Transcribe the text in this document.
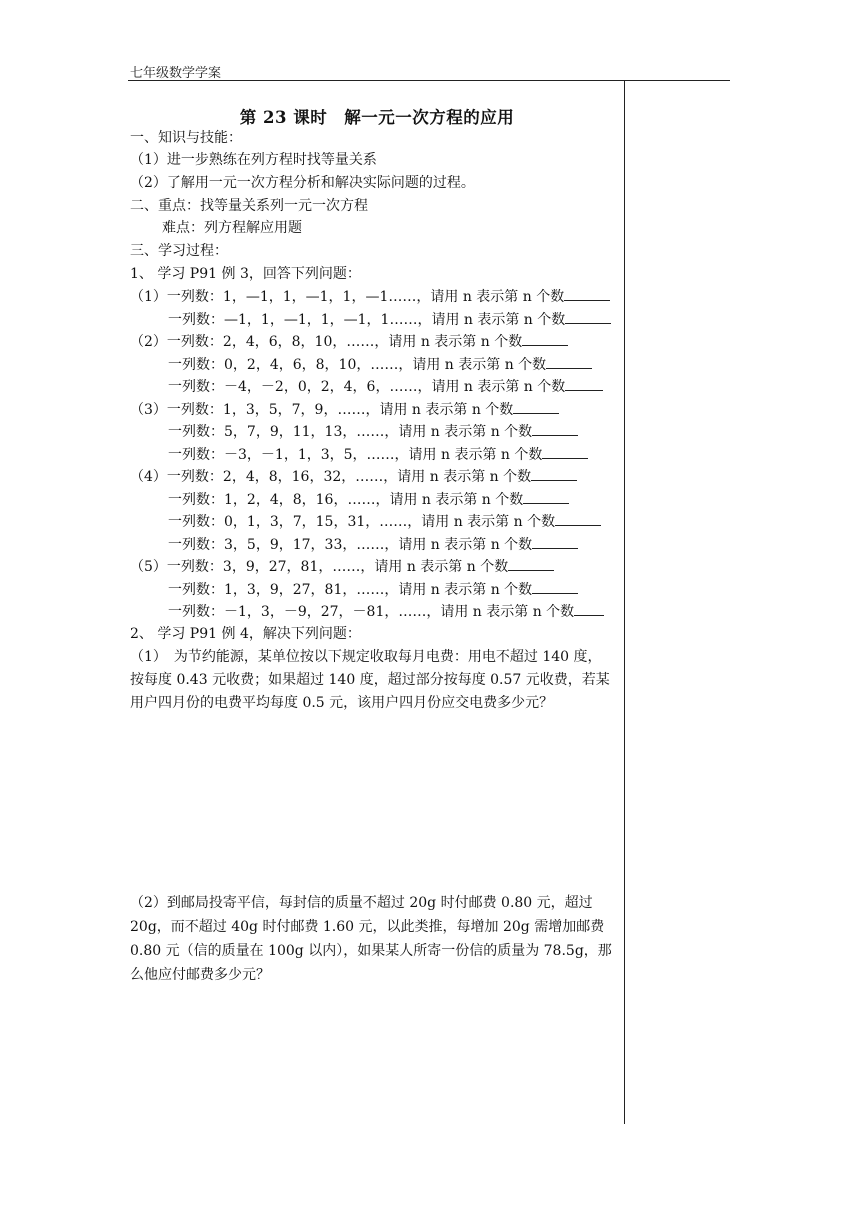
七年级数学学案
第 23 课时　解一元一次方程的应用
一、知识与技能：
（1）进一步熟练在列方程时找等量关系
（2）了解用一元一次方程分析和解决实际问题的过程。
二、重点：找等量关系列一元一次方程
难点：列方程解应用题
三、学习过程：
1、 学习 P91 例 3，回答下列问题：
（1）一列数：1，—1，1，—1，1，—1……，请用 n 表示第 n 个数
一列数：—1，1，—1，1，—1，1……，请用 n 表示第 n 个数
（2）一列数：2，4，6，8，10，……，请用 n 表示第 n 个数
一列数：0，2，4，6，8，10，……，请用 n 表示第 n 个数
一列数：－4，－2，0，2，4，6，……，请用 n 表示第 n 个数
（3）一列数：1，3，5，7，9，……，请用 n 表示第 n 个数
一列数：5，7，9，11，13，……，请用 n 表示第 n 个数
一列数：－3，－1，1，3，5，……，请用 n 表示第 n 个数
（4）一列数：2，4，8，16，32，……，请用 n 表示第 n 个数
一列数：1，2，4，8，16，……，请用 n 表示第 n 个数
一列数：0，1，3，7，15，31，……，请用 n 表示第 n 个数
一列数：3，5，9，17，33，……，请用 n 表示第 n 个数
（5）一列数：3，9，27，81，……，请用 n 表示第 n 个数
一列数：1，3，9，27，81，……，请用 n 表示第 n 个数
一列数：－1，3，－9，27，－81，……，请用 n 表示第 n 个数
2、 学习 P91 例 4，解决下列问题：
（1）　为节约能源，某单位按以下规定收取每月电费：用电不超过 140 度，
按每度 0.43 元收费；如果超过 140 度，超过部分按每度 0.57 元收费，若某
用户四月份的电费平均每度 0.5 元，该用户四月份应交电费多少元？
（2）到邮局投寄平信，每封信的质量不超过 20g 时付邮费 0.80 元，超过
20g，而不超过 40g 时付邮费 1.60 元，以此类推，每增加 20g 需增加邮费
0.80 元（信的质量在 100g 以内），如果某人所寄一份信的质量为 78.5g，那
么他应付邮费多少元？
